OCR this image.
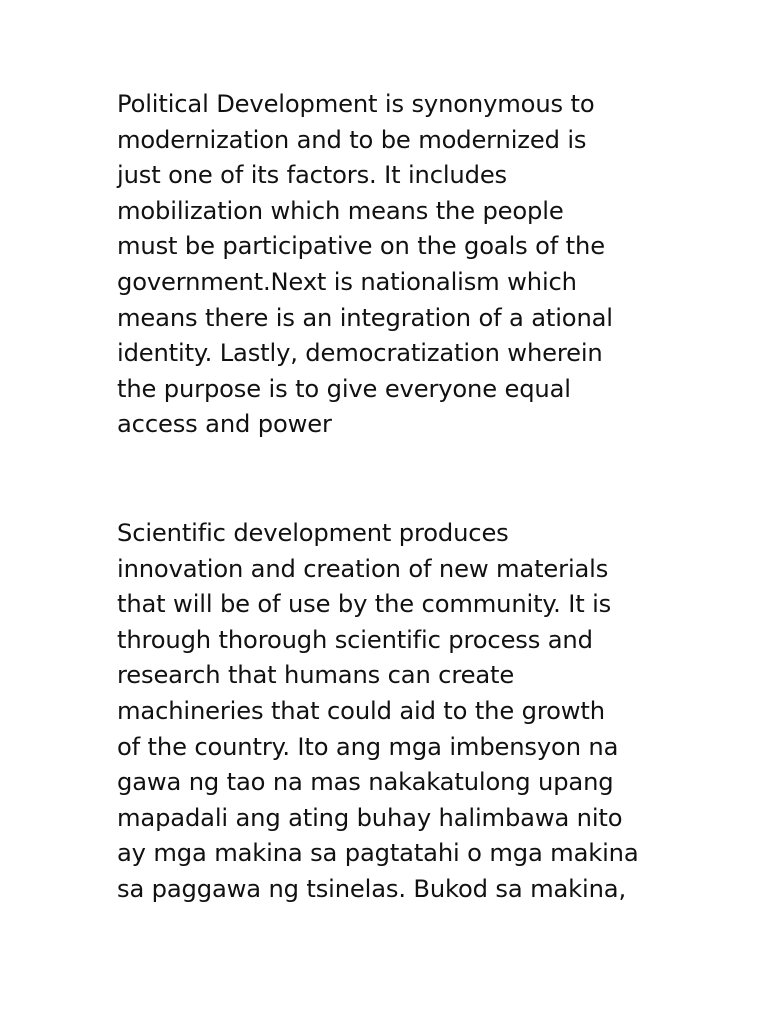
Political Development is synonymous to
modernization and to be modernized is
just one of its factors. It includes
mobilization which means the people
must be participative on the goals of the
government.Next is nationalism which
means there is an integration of a ational
identity. Lastly, democratization wherein
the purpose is to give everyone equal
access and power
Scientific development produces
innovation and creation of new materials
that will be of use by the community. It is
through thorough scientific process and
research that humans can create
machineries that could aid to the growth
of the country. Ito ang mga imbensyon na
gawa ng tao na mas nakakatulong upang
mapadali ang ating buhay halimbawa nito
ay mga makina sa pagtatahi o mga makina
sa paggawa ng tsinelas. Bukod sa makina,
